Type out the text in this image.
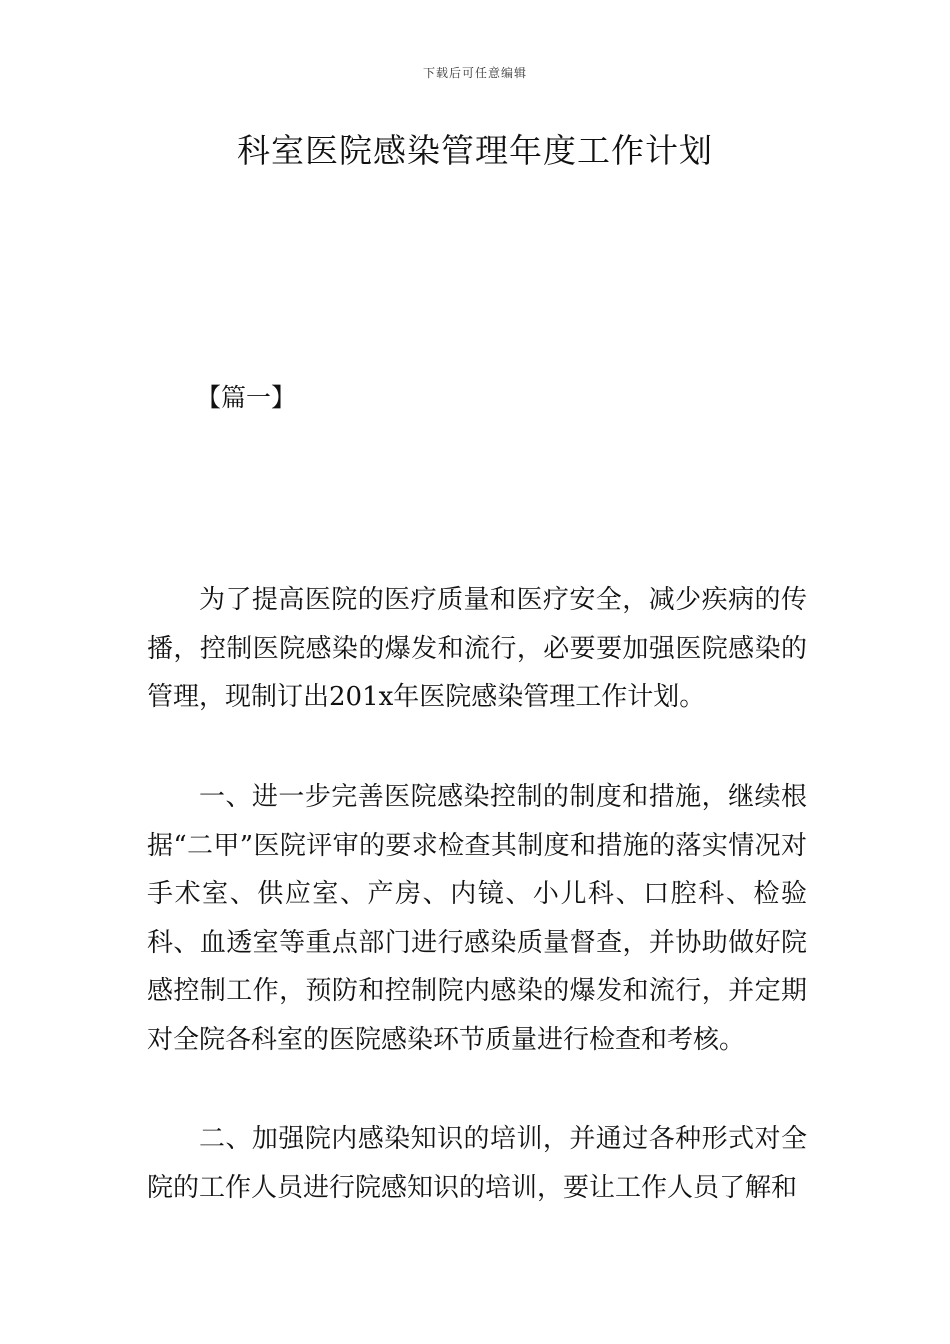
下载后可任意编辑
科室医院感染管理年度工作计划
【篇一】

为了提高医院的医疗质量和医疗安全，减少疾病的传播，控制医院感染的爆发和流行，必要要加强医院感染的管理，现制订出201x年医院感染管理工作计划。

一、进一步完善医院感染控制的制度和措施，继续根据“二甲”医院评审的要求检查其制度和措施的落实情况对手术室、供应室、产房、内镜、小儿科、口腔科、检验科、血透室等重点部门进行感染质量督查，并协助做好院感控制工作，预防和控制院内感染的爆发和流行，并定期对全院各科室的医院感染环节质量进行检查和考核。

二、加强院内感染知识的培训，并通过各种形式对全院的工作人员进行院感知识的培训，要让工作人员了解和
